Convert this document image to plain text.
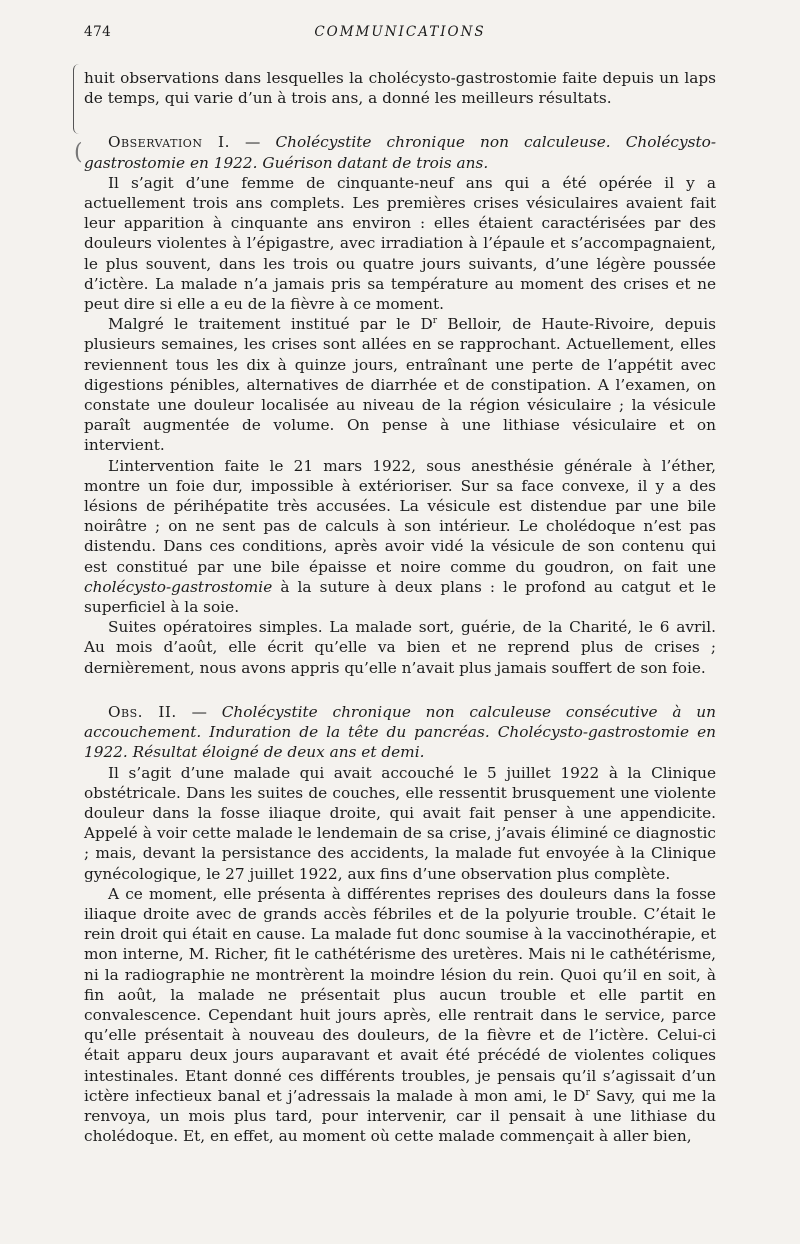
(
474	COMMUNICATIONS

huit observations dans lesquelles la cholécysto-gastrostomie faite depuis un laps de temps, qui varie d’un à trois ans, a donné les meilleurs résultats.

Observation I. — Cholécystite chronique non calculeuse. Cholécysto-gastrostomie en 1922. Guérison datant de trois ans.

Il s’agit d’une femme de cinquante-neuf ans qui a été opérée il y a actuellement trois ans complets. Les premières crises vésiculaires avaient fait leur apparition à cinquante ans environ : elles étaient caractérisées par des douleurs violentes à l’épigastre, avec irradiation à l’épaule et s’accompagnaient, le plus souvent, dans les trois ou quatre jours suivants, d’une légère poussée d’ictère. La malade n’a jamais pris sa température au moment des crises et ne peut dire si elle a eu de la fièvre à ce moment.

Malgré le traitement institué par le $D^r$ Belloir, de Haute-Rivoire, depuis plusieurs semaines, les crises sont allées en se rapprochant. Actuellement, elles reviennent tous les dix à quinze jours, entraînant une perte de l’appétit avec digestions pénibles, alternatives de diarrhée et de constipation. A l’examen, on constate une douleur localisée au niveau de la région vésiculaire ; la vésicule paraît augmentée de volume. On pense à une lithiase vésiculaire et on intervient.

L’intervention faite le 21 mars 1922, sous anesthésie générale à l’éther, montre un foie dur, impossible à extérioriser. Sur sa face convexe, il y a des lésions de périhépatite très accusées. La vésicule est distendue par une bile noirâtre ; on ne sent pas de calculs à son intérieur. Le cholédoque n’est pas distendu. Dans ces conditions, après avoir vidé la vésicule de son contenu qui est constitué par une bile épaisse et noire comme du goudron, on fait une cholécysto-gastrostomie à la suture à deux plans : le profond au catgut et le superficiel à la soie.

Suites opératoires simples. La malade sort, guérie, de la Charité, le 6 avril. Au mois d’août, elle écrit qu’elle va bien et ne reprend plus de crises ; dernièrement, nous avons appris qu’elle n’avait plus jamais souffert de son foie.

Obs. II. — Cholécystite chronique non calculeuse consécutive à un accouchement. Induration de la tête du pancréas. Cholécysto-gastrostomie en 1922. Résultat éloigné de deux ans et demi.

Il s’agit d’une malade qui avait accouché le 5 juillet 1922 à la Clinique obstétricale. Dans les suites de couches, elle ressentit brusquement une violente douleur dans la fosse iliaque droite, qui avait fait penser à une appendicite. Appelé à voir cette malade le lendemain de sa crise, j’avais éliminé ce diagnostic ; mais, devant la persistance des accidents, la malade fut envoyée à la Clinique gynécologique, le 27 juillet 1922, aux fins d’une observation plus complète.

A ce moment, elle présenta à différentes reprises des douleurs dans la fosse iliaque droite avec de grands accès fébriles et de la polyurie trouble. C’était le rein droit qui était en cause. La malade fut donc soumise à la vaccinothérapie, et mon interne, M. Richer, fit le cathétérisme des uretères. Mais ni le cathétérisme, ni la radiographie ne montrèrent la moindre lésion du rein. Quoi qu’il en soit, à fin août, la malade ne présentait plus aucun trouble et elle partit en convalescence. Cependant huit jours après, elle rentrait dans le service, parce qu’elle présentait à nouveau des douleurs, de la fièvre et de l’ictère. Celui-ci était apparu deux jours auparavant et avait été précédé de violentes coliques intestinales. Etant donné ces différents troubles, je pensais qu’il s’agissait d’un ictère infectieux banal et j’adressais la malade à mon ami, le $D^r$ Savy, qui me la renvoya, un mois plus tard, pour intervenir, car il pensait à une lithiase du cholédoque. Et, en effet, au moment où cette malade commençait à aller bien,
